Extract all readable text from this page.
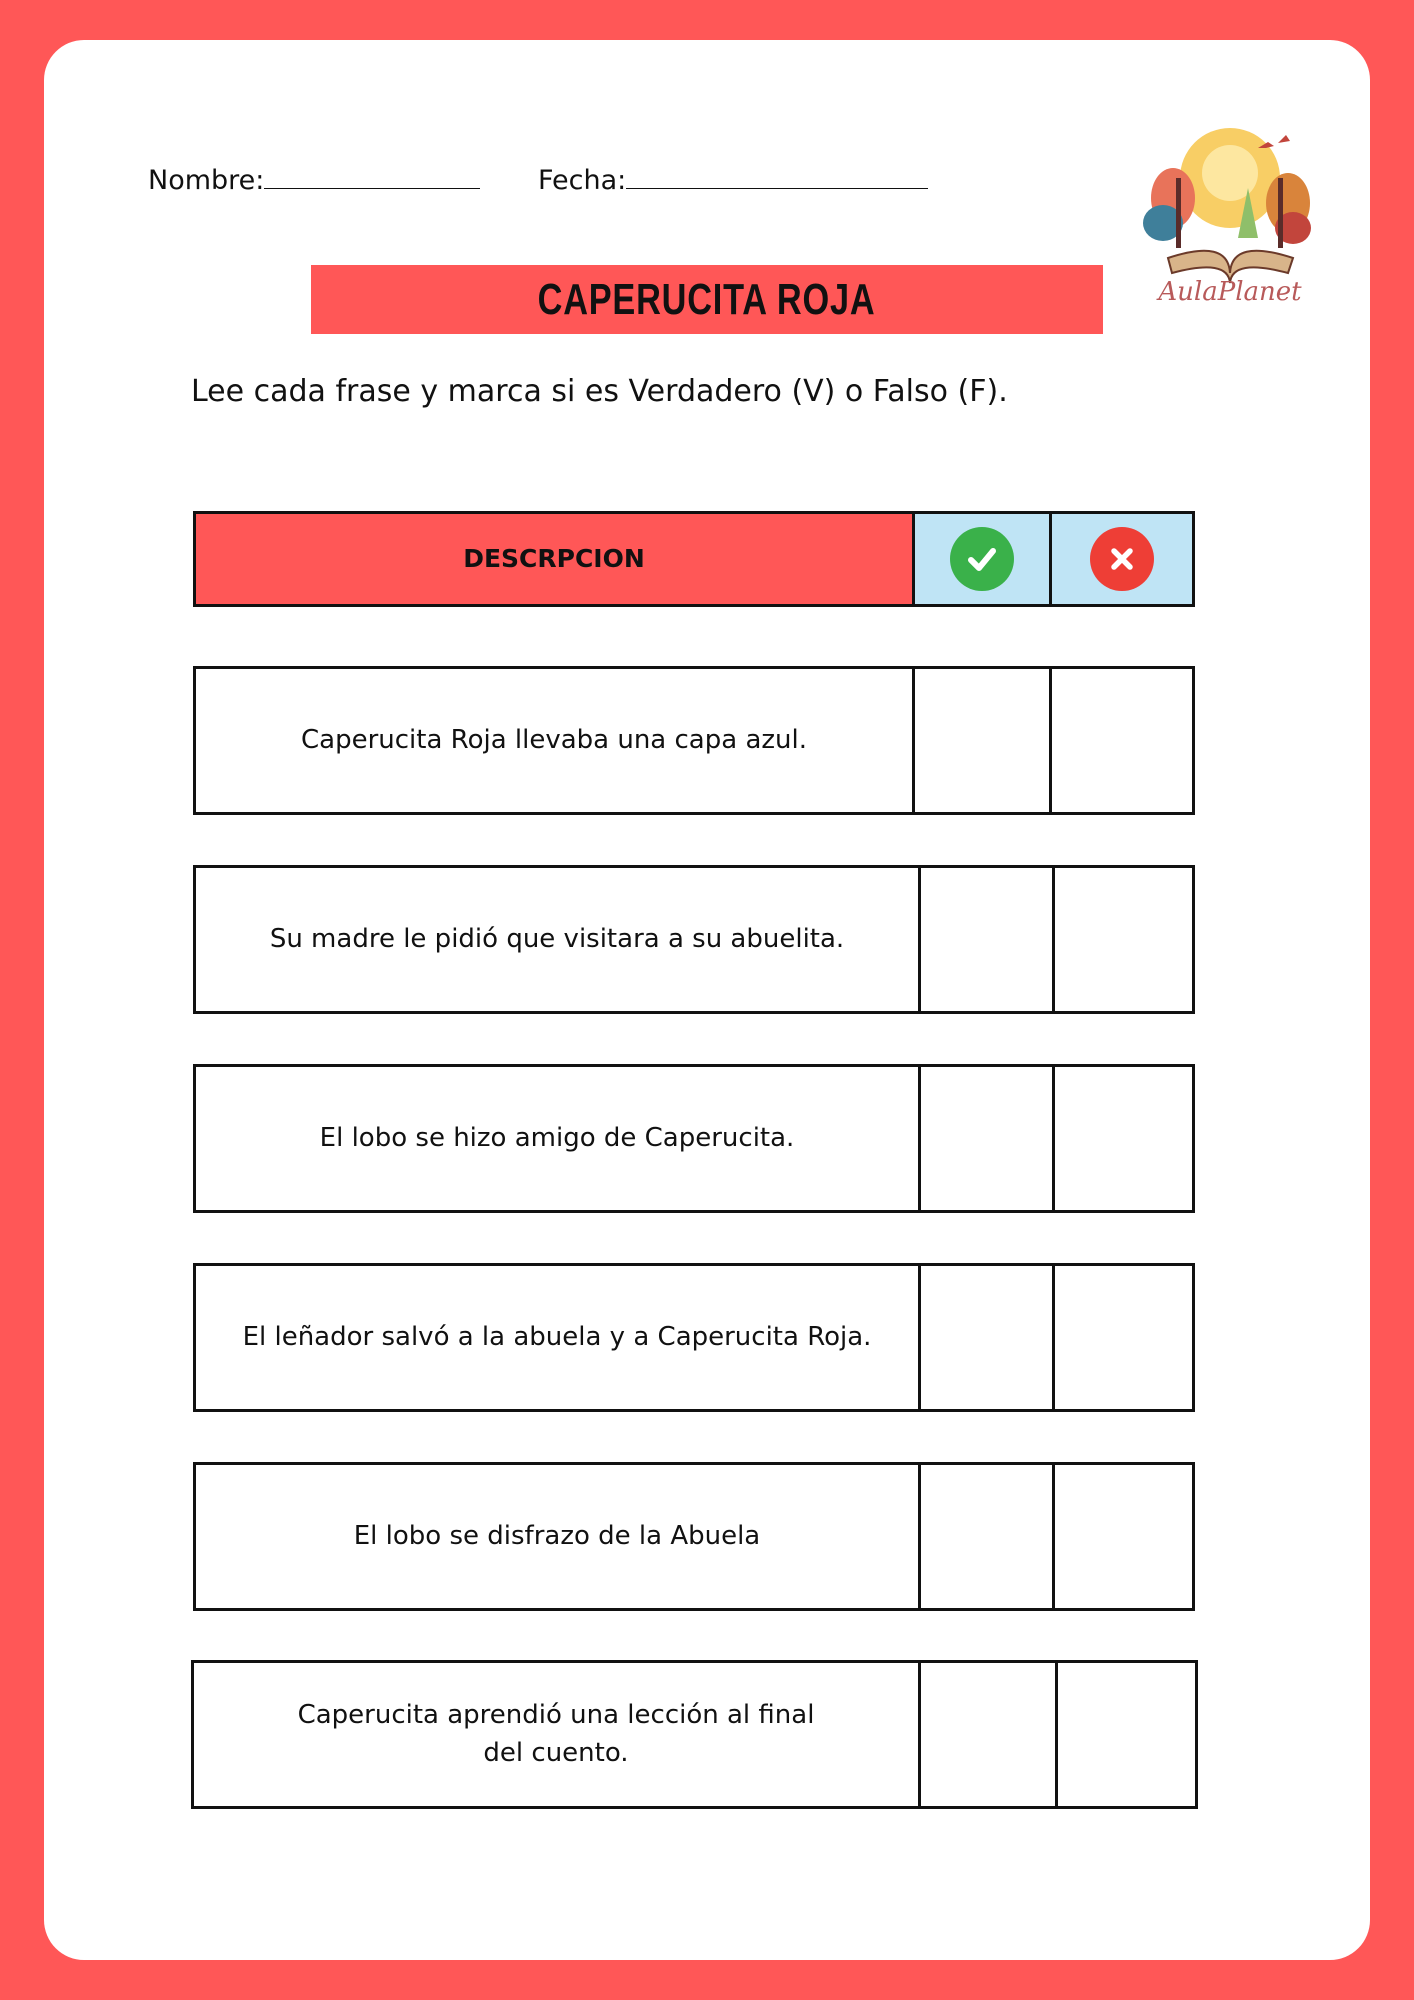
Nombre:	Fecha:
AulaPlanet
CAPERUCITA ROJA
Lee cada frase y marca si es Verdadero (V) o Falso (F).
DESCRPCION
Caperucita Roja llevaba una capa azul.
Su madre le pidió que visitara a su abuelita.
El lobo se hizo amigo de Caperucita.
El leñador salvó a la abuela y a Caperucita Roja.
El lobo se disfrazo de la Abuela
Caperucita aprendió una lección al final del cuento.
